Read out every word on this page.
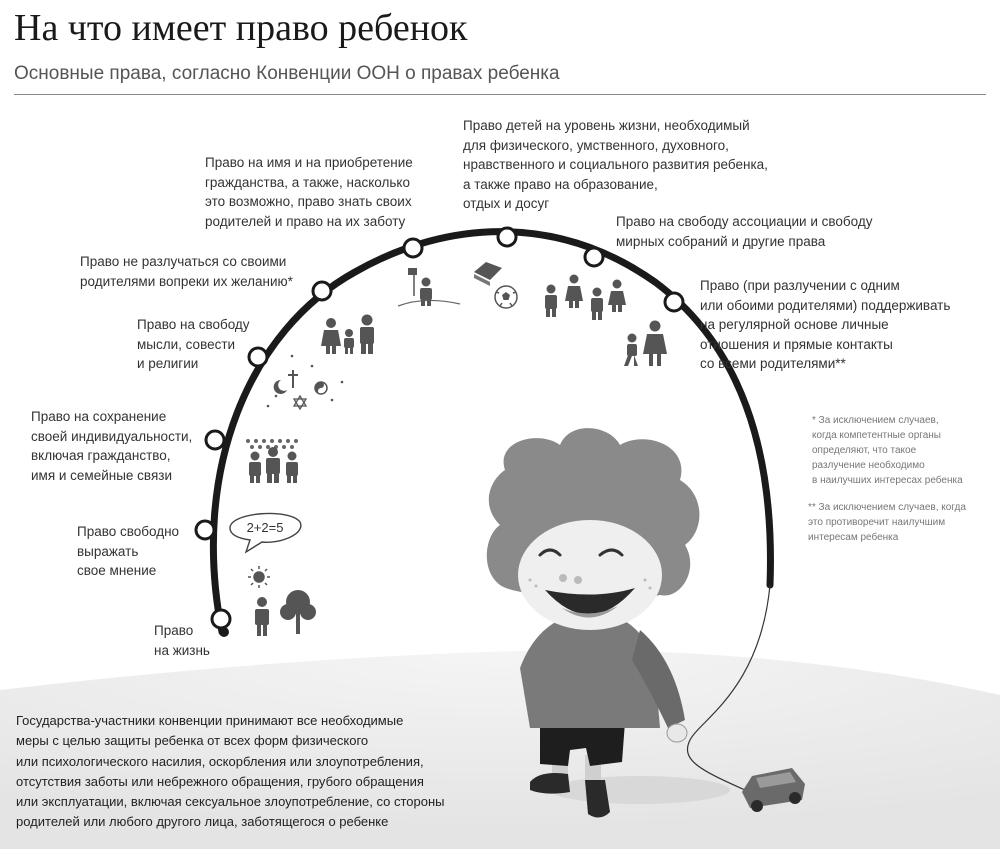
На что имеет право ребенок
Основные права, согласно Конвенции ООН о правах ребенка
2+2=5
Право
на жизнь
Право свободно
выражать
свое мнение
Право на сохранение
своей индивидуальности,
включая гражданство,
имя и семейные связи
Право на свободу
мысли, совести
и религии
Право не разлучаться со своими
родителями вопреки их желанию*
Право на имя и на приобретение
гражданства, а также, насколько
это возможно, право знать своих
родителей и право на их заботу
Право детей на уровень жизни, необходимый
для физического, умственного, духовного,
нравственного и социального развития ребенка,
а также право на образование,
отдых и досуг
Право на свободу ассоциации и свободу
мирных собраний и другие права
Право (при разлучении с одним
или обоими родителями) поддерживать
на регулярной основе личные
отношения и прямые контакты
со всеми родителями**
* За исключением случаев,
когда компетентные органы
определяют, что такое
разлучение необходимо
в наилучших интересах ребенка
** За исключением случаев, когда
это противоречит наилучшим
интересам ребенка
Государства-участники конвенции принимают все необходимые
меры с целью защиты ребенка от всех форм физического
или психологического насилия, оскорбления или злоупотребления,
отсутствия заботы или небрежного обращения, грубого обращения
или эксплуатации, включая сексуальное злоупотребление, со стороны
родителей или любого другого лица, заботящегося о ребенке
